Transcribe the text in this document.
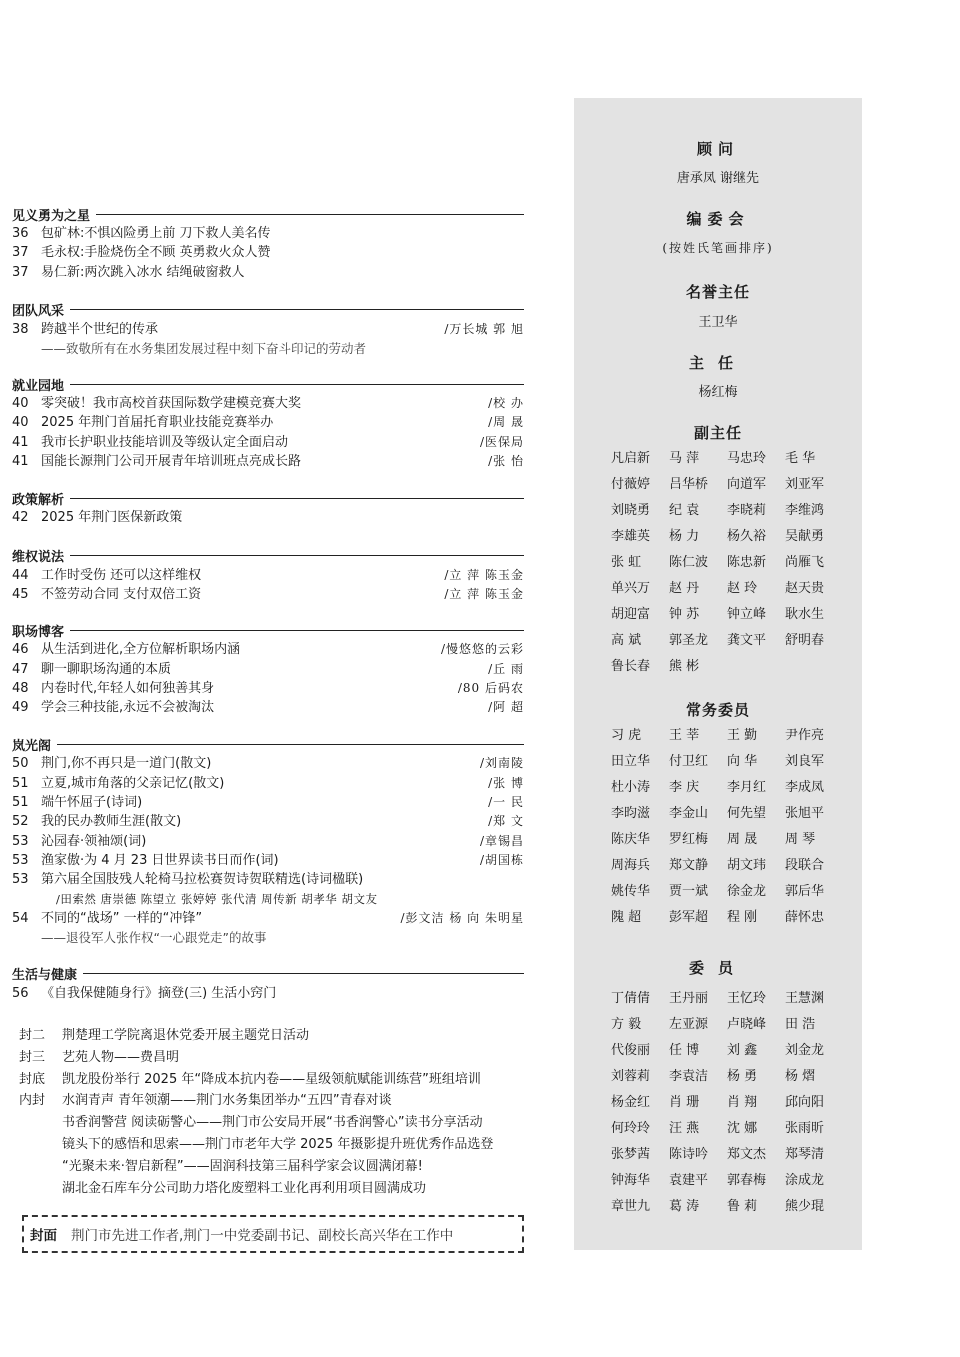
见义勇为之星
36 包矿林:不惧凶险勇上前 刀下救人美名传
37 毛永权:手脸烧伤全不顾 英勇救火众人赞
37 易仁新:两次跳入冰水 结绳破窗救人
团队风采
38 跨越半个世纪的传承	/万长城 郭 旭
——致敬所有在水务集团发展过程中刻下奋斗印记的劳动者
就业园地
40 零突破！我市高校首获国际数学建模竞赛大奖	/校 办
40 2025 年荆门首届托育职业技能竞赛举办	/周 晟
41 我市长护职业技能培训及等级认定全面启动	/医保局
41 国能长源荆门公司开展青年培训班点亮成长路	/张 怡
政策解析
42 2025 年荆门医保新政策
维权说法
44 工作时受伤 还可以这样维权	/立 萍 陈玉金
45 不签劳动合同 支付双倍工资	/立 萍 陈玉金
职场博客
46 从生活到进化,全方位解析职场内涵	/慢悠悠的云彩
47 聊一聊职场沟通的本质	/丘 雨
48 内卷时代,年轻人如何独善其身	/80 后码农
49 学会三种技能,永远不会被淘汰	/阿 超
岚光阁
50 荆门,你不再只是一道门(散文)	/刘南陵
51 立夏,城市角落的父亲记忆(散文)	/张 博
51 端午怀屈子(诗词)	/一 民
52 我的民办教师生涯(散文)	/郑 文
53 沁园春·领袖颂(词)	/章锡昌
53 渔家傲·为 4 月 23 日世界读书日而作(词)	/胡国栋
53 第六届全国肢残人轮椅马拉松赛贺诗贺联精选(诗词楹联)
/田索然 唐崇德 陈望立 张婷婷 张代清 周传新 胡孝华 胡文友
54 不同的“战场” 一样的“冲锋”	/彭文洁 杨 向 朱明星
——退役军人张作权“一心跟党走”的故事
生活与健康
56 《自我保健随身行》摘登(三) 生活小窍门
封二	荆楚理工学院离退休党委开展主题党日活动
封三	艺苑人物——费昌明
封底	凯龙股份举行 2025 年“降成本抗内卷——星级领航赋能训练营”班组培训
内封	水润青声 青年领潮——荆门水务集团举办“五四”青春对谈
书香润警营 阅读砺警心——荆门市公安局开展“书香润警心”读书分享活动
镜头下的感悟和思索——荆门市老年大学 2025 年摄影提升班优秀作品选登
“光聚未来·智启新程”——固润科技第三届科学家会议圆满闭幕!
湖北金石库车分公司助力塔化废塑料工业化再利用项目圆满成功
封面 荆门市先进工作者,荆门一中党委副书记、副校长高兴华在工作中
顾问
唐承凤 谢继先
编委会
(按姓氏笔画排序)
名誉主任
王卫华
主任
杨红梅
副主任
凡启新	马 萍	马忠玲	毛 华
付薇婷	吕华桥	向道军	刘亚军
刘晓勇	纪 袁	李晓莉	李维鸿
李雄英	杨 力	杨久裕	吴献勇
张 虹	陈仁波	陈忠新	尚雁飞
单兴万	赵 丹	赵 玲	赵天贵
胡迎富	钟 苏	钟立峰	耿水生
高 斌	郭圣龙	龚文平	舒明春
鲁长春	熊 彬
常务委员
习 虎	王 莘	王 勤	尹作亮
田立华	付卫红	向 华	刘良军
杜小涛	李 庆	李月红	李成凤
李昀滋	李金山	何先望	张旭平
陈庆华	罗红梅	周 晟	周 琴
周海兵	郑文静	胡文玮	段联合
姚传华	贾一斌	徐金龙	郭后华
隗 超	彭军超	程 刚	薛怀忠
委员
丁倩倩	王丹丽	王忆玲	王慧渊
方 毅	左亚源	卢晓峰	田 浩
代俊丽	任 博	刘 鑫	刘金龙
刘蓉莉	李袁洁	杨 勇	杨 熠
杨金红	肖 珊	肖 翔	邱向阳
何玲玲	汪 燕	沈 娜	张雨昕
张梦茜	陈诗吟	郑文杰	郑琴清
钟海华	袁建平	郭春梅	涂成龙
章世九	葛 涛	鲁 莉	熊少琨
